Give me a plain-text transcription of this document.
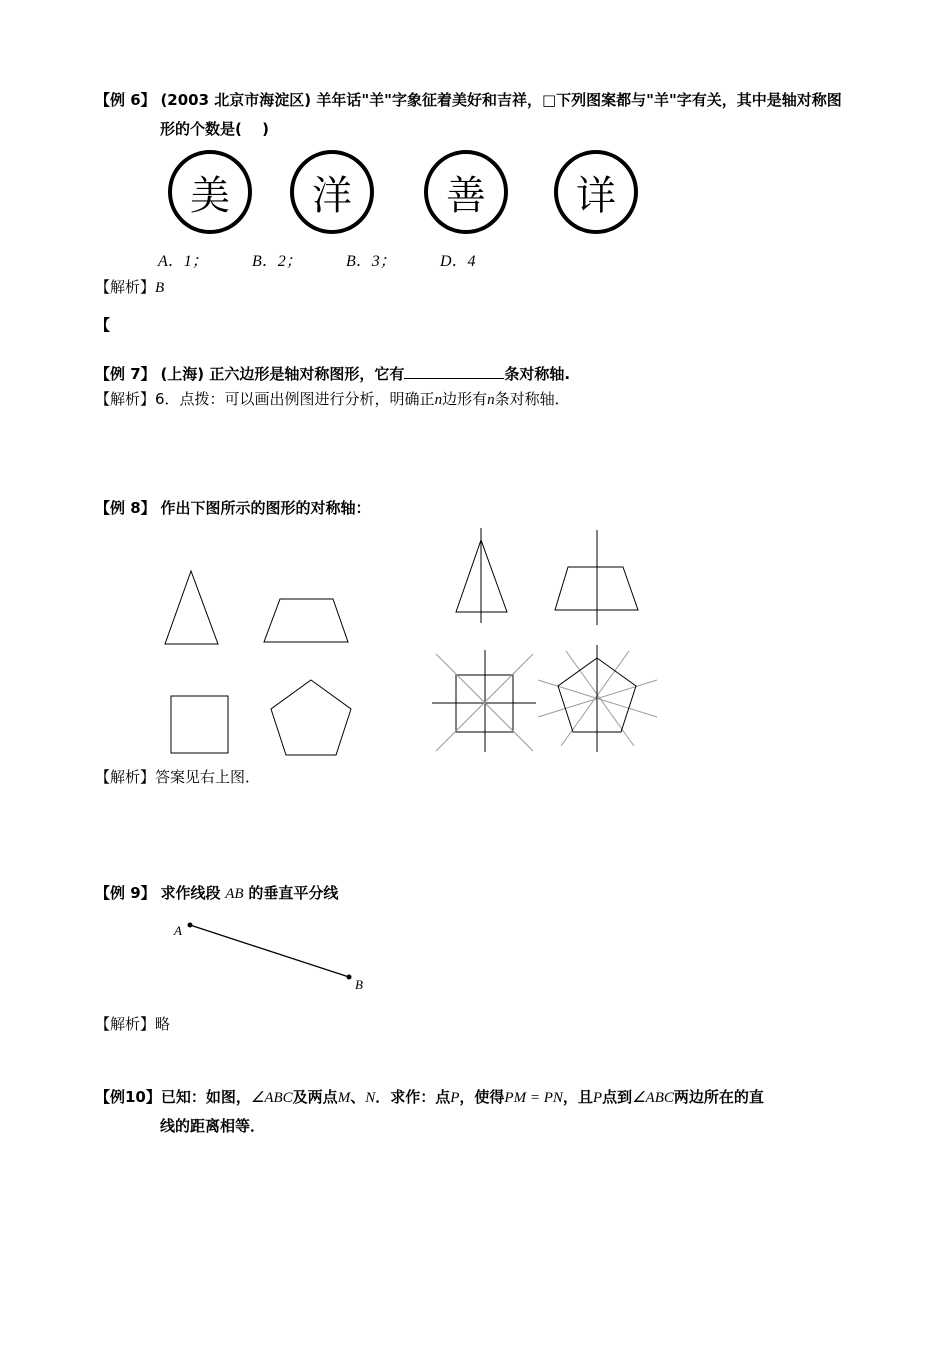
【例 6】 (2003 北京市海淀区) 羊年话"羊"字象征着美好和吉祥，□下列图案都与"羊"字有关，其中是轴对称图
形的个数是(　 )
美	洋	善	详
A．1；	B．2；	B．3；	D．4
【解析】B
【
【例 7】 (上海) 正六边形是轴对称图形，它有	条对称轴.
【解析】6．点拨：可以画出例图进行分析，明确正n边形有n条对称轴．
【例 8】 作出下图所示的图形的对称轴：
【解析】答案见右上图．
【例 9】 求作线段 AB 的垂直平分线
A
B
【解析】略
【例10】已知：如图，∠ABC及两点M、N．求作：点P，使得PM = PN，且P点到∠ABC两边所在的直
线的距离相等．
